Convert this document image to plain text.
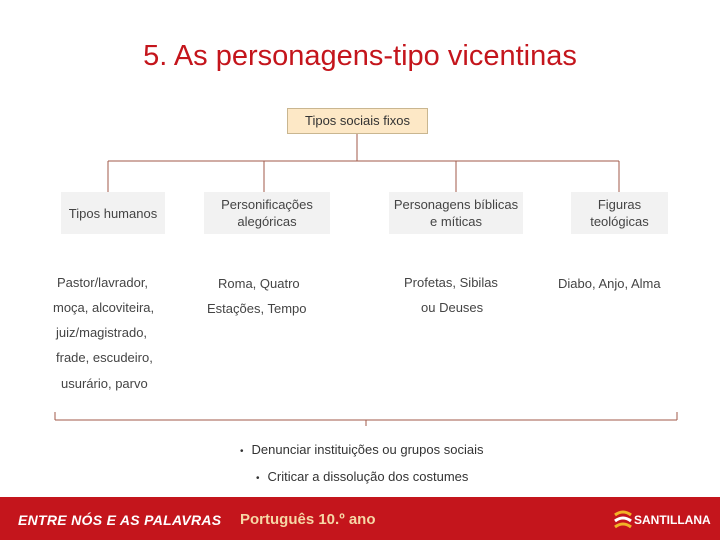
5. As personagens-tipo vicentinas
Tipos sociais fixos
Tipos humanos
Personificações alegóricas
Personagens bíblicas e míticas
Figuras teológicas
Pastor/lavrador,
moça, alcoviteira,
juiz/magistrado,
frade, escudeiro,
usurário, parvo
Roma, Quatro
Estações, Tempo
Profetas, Sibilas
ou Deuses
Diabo, Anjo, Alma
• Denunciar instituições ou grupos sociais
• Criticar a dissolução dos costumes
ENTRE NÓS E AS PALAVRAS Português 10.º ano	SANTILLANA
